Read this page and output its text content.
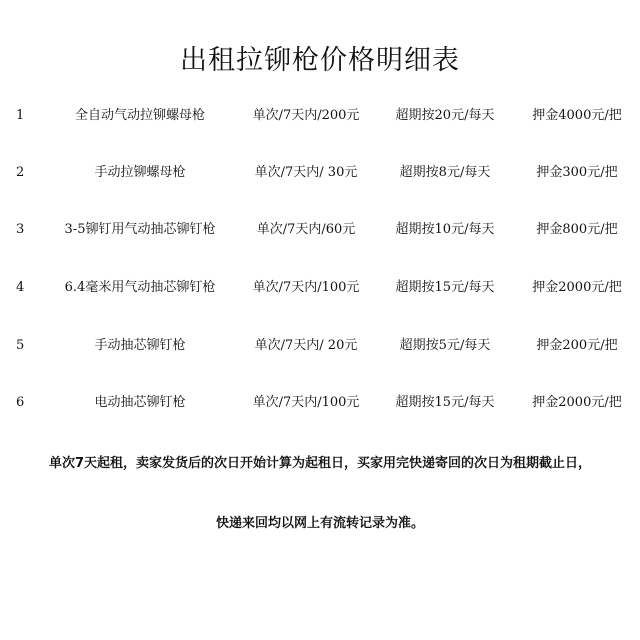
出租拉铆枪价格明细表
1	全自动气动拉铆螺母枪	单次/7天内/200元	超期按20元/每天	押金4000元/把
2	手动拉铆螺母枪	单次/7天内/ 30元	超期按8元/每天	押金300元/把
3	3-5铆钉用气动抽芯铆钉枪	单次/7天内/60元	超期按10元/每天	押金800元/把
4	6.4毫米用气动抽芯铆钉枪	单次/7天内/100元	超期按15元/每天	押金2000元/把
5	手动抽芯铆钉枪	单次/7天内/ 20元	超期按5元/每天	押金200元/把
6	电动抽芯铆钉枪	单次/7天内/100元	超期按15元/每天	押金2000元/把
单次7天起租，卖家发货后的次日开始计算为起租日，买家用完快递寄回的次日为租期截止日，
快递来回均以网上有流转记录为准。
